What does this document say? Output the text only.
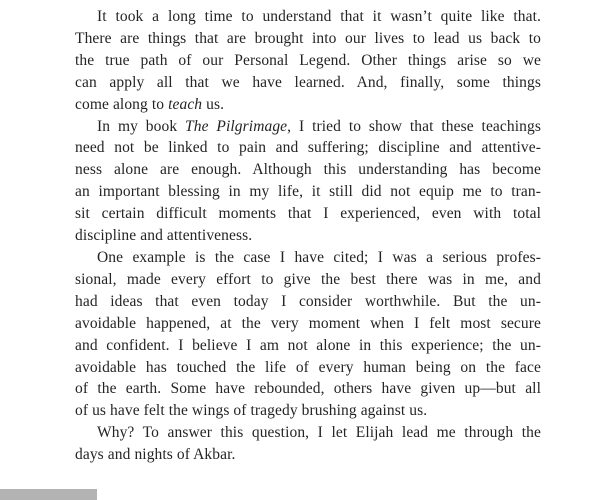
It took a long time to understand that it wasn’t quite like that.
There are things that are brought into our lives to lead us back to
the true path of our Personal Legend. Other things arise so we
can apply all that we have learned. And, finally, some things
come along to teach us.
In my book The Pilgrimage, I tried to show that these teachings
need not be linked to pain and suffering; discipline and attentive-
ness alone are enough. Although this understanding has become
an important blessing in my life, it still did not equip me to tran-
sit certain difficult moments that I experienced, even with total
discipline and attentiveness.
One example is the case I have cited; I was a serious profes-
sional, made every effort to give the best there was in me, and
had ideas that even today I consider worthwhile. But the un-
avoidable happened, at the very moment when I felt most secure
and confident. I believe I am not alone in this experience; the un-
avoidable has touched the life of every human being on the face
of the earth. Some have rebounded, others have given up—but all
of us have felt the wings of tragedy brushing against us.
Why? To answer this question, I let Elijah lead me through the
days and nights of Akbar.
